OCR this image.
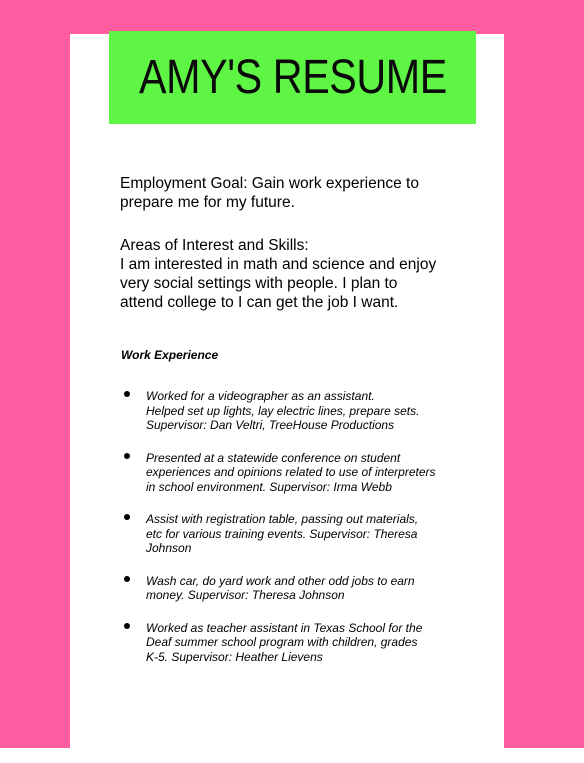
AMY'S RESUME
Employment Goal: Gain work experience to
prepare me for my future.
Areas of Interest and Skills:
I am interested in math and science and enjoy
very social settings with people. I plan to
attend college to I can get the job I want.
Work Experience
Worked for a videographer as an assistant.
Helped set up lights, lay electric lines, prepare sets.
Supervisor: Dan Veltri, TreeHouse Productions
Presented at a statewide conference on student
experiences and opinions related to use of interpreters
in school environment. Supervisor: Irma Webb
Assist with registration table, passing out materials,
etc for various training events. Supervisor: Theresa
Johnson
Wash car, do yard work and other odd jobs to earn
money. Supervisor: Theresa Johnson
Worked as teacher assistant in Texas School for the
Deaf summer school program with children, grades
K-5. Supervisor: Heather Lievens
